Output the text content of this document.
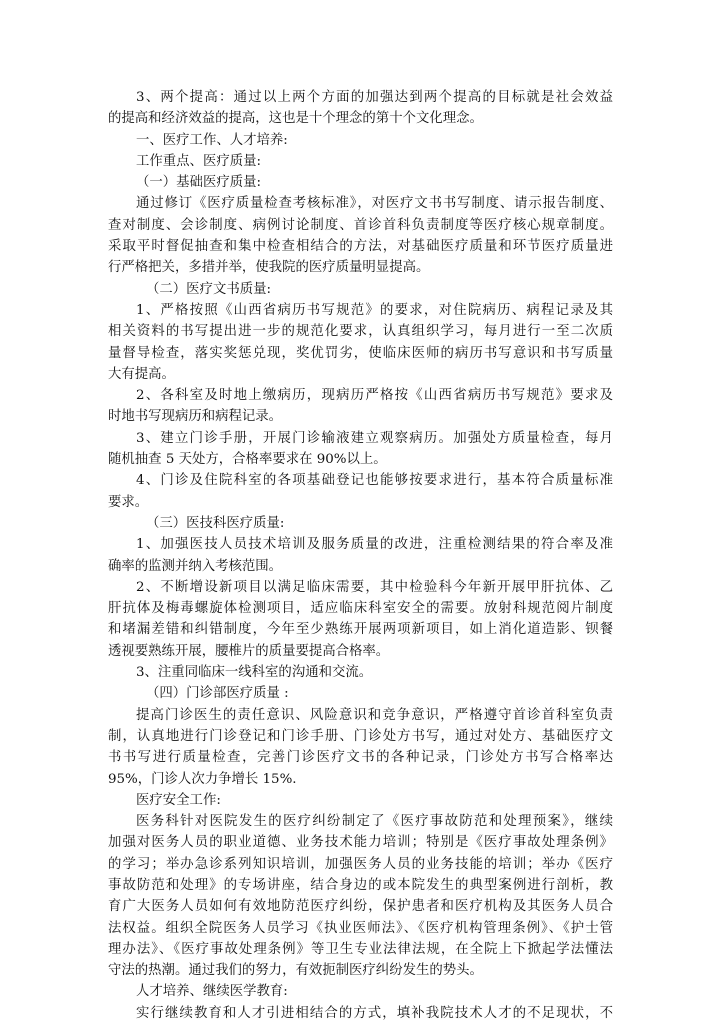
3、两个提高：通过以上两个方面的加强达到两个提高的目标就是社会效益
的提高和经济效益的提高，这也是十个理念的第十个文化理念。
一、医疗工作、人才培养:
工作重点、医疗质量:
（一）基础医疗质量:
通过修订《医疗质量检查考核标准》，对医疗文书书写制度、请示报告制度、
查对制度、会诊制度、病例讨论制度、首诊首科负责制度等医疗核心规章制度。
采取平时督促抽查和集中检查相结合的方法，对基础医疗质量和环节医疗质量进
行严格把关，多措并举，使我院的医疗质量明显提高。
（二）医疗文书质量:
1、严格按照《山西省病历书写规范》的要求，对住院病历、病程记录及其
相关资料的书写提出进一步的规范化要求，认真组织学习，每月进行一至二次质
量督导检查，落实奖惩兑现，奖优罚劣，使临床医师的病历书写意识和书写质量
大有提高。
2、各科室及时地上缴病历，现病历严格按《山西省病历书写规范》要求及
时地书写现病历和病程记录。
3、建立门诊手册，开展门诊输液建立观察病历。加强处方质量检查，每月
随机抽查 5 天处方，合格率要求在 90%以上。
4、门诊及住院科室的各项基础登记也能够按要求进行，基本符合质量标准
要求。
（三）医技科医疗质量:
1、加强医技人员技术培训及服务质量的改进，注重检测结果的符合率及准
确率的监测并纳入考核范围。
2、不断增设新项目以满足临床需要，其中检验科今年新开展甲肝抗体、乙
肝抗体及梅毒螺旋体检测项目，适应临床科室安全的需要。放射科规范阅片制度
和堵漏差错和纠错制度，今年至少熟练开展两项新项目，如上消化道造影、钡餐
透视要熟练开展，腰椎片的质量要提高合格率。
3、注重同临床一线科室的沟通和交流。
（四）门诊部医疗质量 :
提高门诊医生的责任意识、风险意识和竞争意识，严格遵守首诊首科室负责
制，认真地进行门诊登记和门诊手册、门诊处方书写，通过对处方、基础医疗文
书书写进行质量检查，完善门诊医疗文书的各种记录，门诊处方书写合格率达
95%，门诊人次力争增长 15%.
医疗安全工作:
医务科针对医院发生的医疗纠纷制定了《医疗事故防范和处理预案》，继续
加强对医务人员的职业道德、业务技术能力培训；特别是《医疗事故处理条例》
的学习；举办急诊系列知识培训，加强医务人员的业务技能的培训；举办《医疗
事故防范和处理》的专场讲座，结合身边的或本院发生的典型案例进行剖析，教
育广大医务人员如何有效地防范医疗纠纷，保护患者和医疗机构及其医务人员合
法权益。组织全院医务人员学习《执业医师法》、《医疗机构管理条例》、《护士管
理办法》、《医疗事故处理条例》等卫生专业法律法规，在全院上下掀起学法懂法
守法的热潮。通过我们的努力，有效扼制医疗纠纷发生的势头。
人才培养、继续医学教育:
实行继续教育和人才引进相结合的方式，填补我院技术人才的不足现状，不
